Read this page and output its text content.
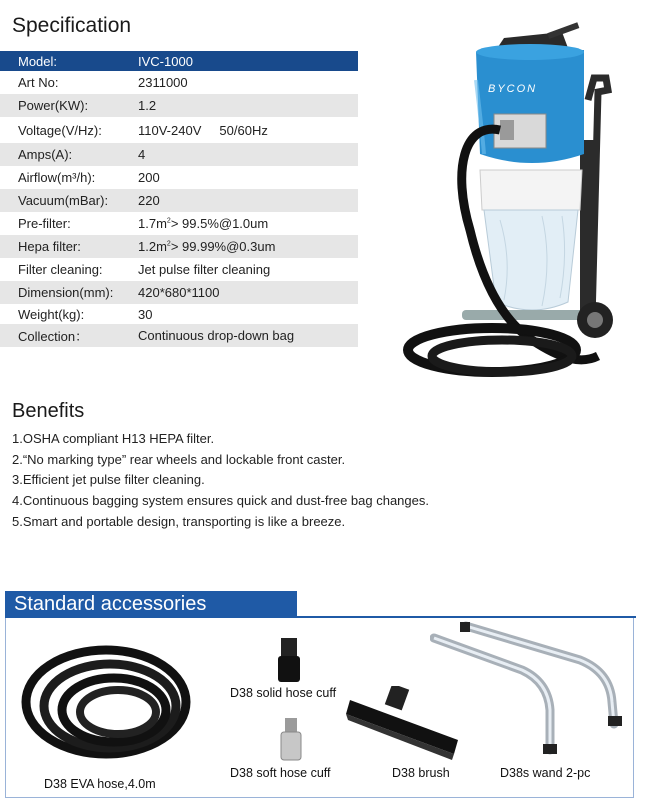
Specification
Model:	IVC-1000
Art No:	2311000
Power(KW):	1.2
Voltage(V/Hz):	110V-240V     50/60Hz
Amps(A):	4
Airflow(m³/h):	200
Vacuum(mBar):	220
Pre-filter:	$1.7m^2>$ 99.5%@1.0um
Hepa filter:	$1.2m^2>$ 99.99%@0.3um
Filter cleaning:	Jet pulse filter cleaning
Dimension(mm):	420*680*1100
Weight(kg):	30
Collection：	Continuous drop-down bag
BYCON
Benefits
1.OSHA compliant H13 HEPA filter.
2.“No marking type” rear wheels and lockable front caster.
3.Efficient jet pulse filter cleaning.
4.Continuous bagging system ensures quick and dust-free bag changes.
5.Smart and portable design, transporting is like a breeze.
Standard accessories
D38 EVA hose,4.0m
D38 solid hose cuff
D38 soft hose cuff	D38 brush	D38s wand 2-pc
